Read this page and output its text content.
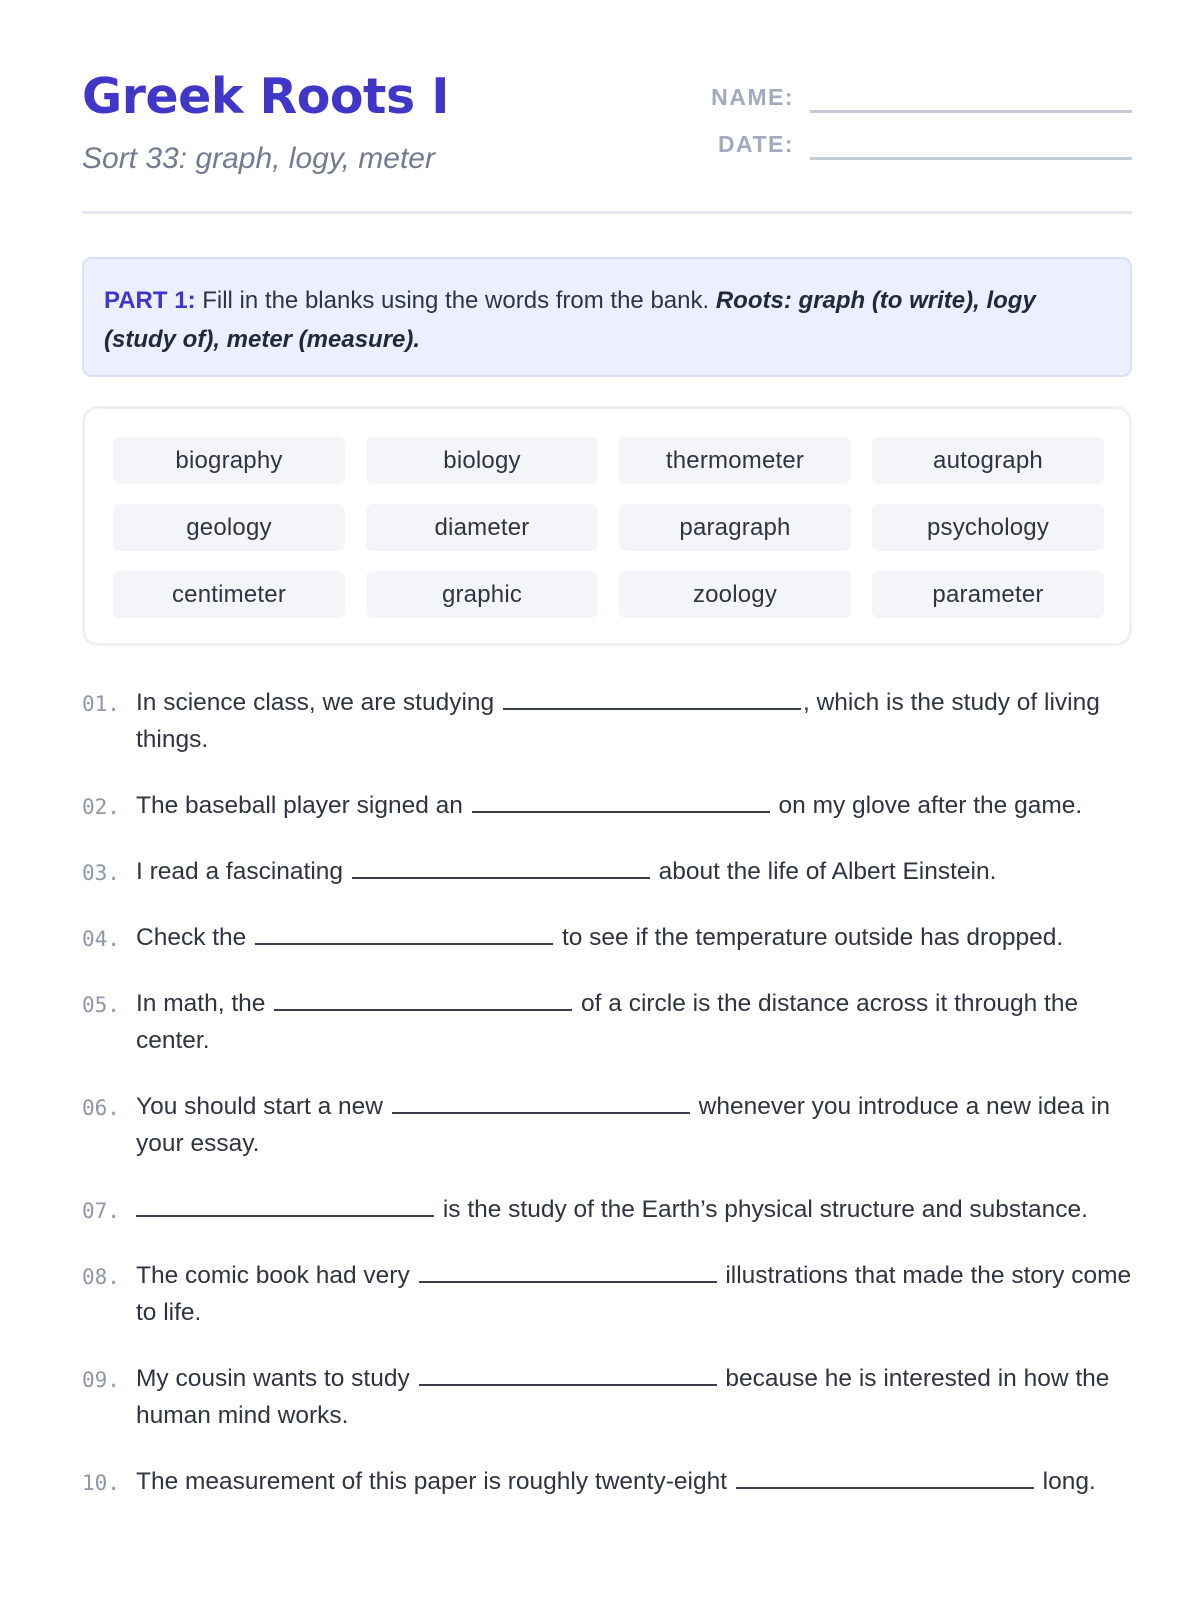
Greek Roots I
Sort 33: graph, logy, meter
NAME:
DATE:
PART 1: Fill in the blanks using the words from the bank. Roots: graph (to write), logy (study of), meter (measure).
biography	biology	thermometer	autograph
geology	diameter	paragraph	psychology
centimeter	graphic	zoology	parameter
01. In science class, we are studying	, which is the study of living things.
02. The baseball player signed an	on my glove after the game.
03. I read a fascinating	about the life of Albert Einstein.
04. Check the	to see if the temperature outside has dropped.
05. In math, the	of a circle is the distance across it through the center.
06. You should start a new	whenever you introduce a new idea in your essay.
07.	is the study of the Earth’s physical structure and substance.
08. The comic book had very	illustrations that made the story come to life.
09. My cousin wants to study	because he is interested in how the human mind works.
10. The measurement of this paper is roughly twenty-eight	long.
